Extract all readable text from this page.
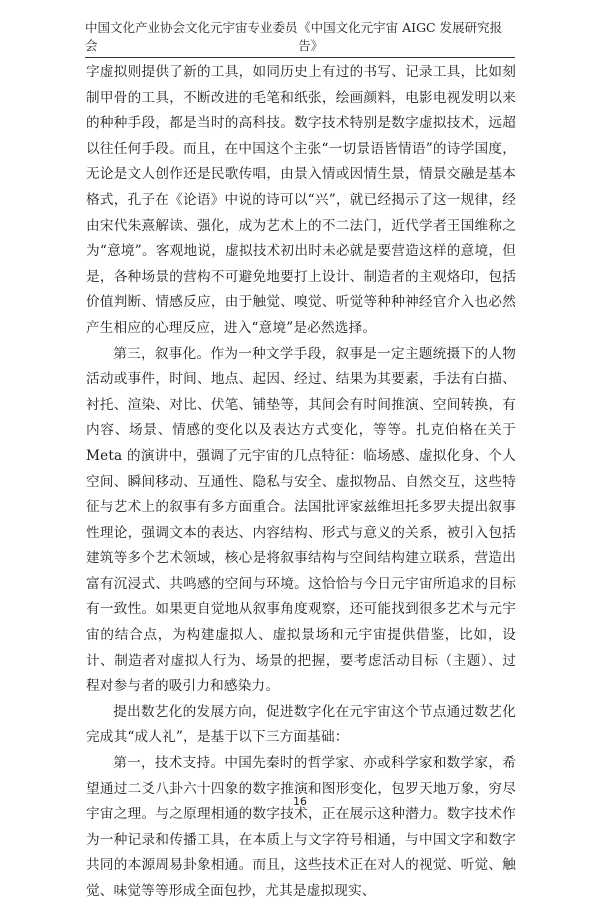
中国文化产业协会文化元宇宙专业委员会
《中国文化元宇宙 AIGC 发展研究报告》

字虚拟则提供了新的工具，如同历史上有过的书写、记录工具，比如刻制甲骨的工具，不断改进的毛笔和纸张，绘画颜料，电影电视发明以来的种种手段，都是当时的高科技。数字技术特别是数字虚拟技术，远超以往任何手段。而且，在中国这个主张“一切景语皆情语”的诗学国度，无论是文人创作还是民歌传唱，由景入情或因情生景，情景交融是基本格式，孔子在《论语》中说的诗可以“兴”，就已经揭示了这一规律，经由宋代朱熹解读、强化，成为艺术上的不二法门，近代学者王国维称之为“意境”。客观地说，虚拟技术初出时未必就是要营造这样的意境，但是，各种场景的营构不可避免地要打上设计、制造者的主观烙印，包括价值判断、情感反应，由于触觉、嗅觉、听觉等种种神经官介入也必然产生相应的心理反应，进入“意境”是必然选择。

第三，叙事化。作为一种文学手段，叙事是一定主题统摄下的人物活动或事件，时间、地点、起因、经过、结果为其要素，手法有白描、衬托、渲染、对比、伏笔、铺垫等，其间会有时间推演、空间转换，有内容、场景、情感的变化以及表达方式变化，等等。扎克伯格在关于 Meta 的演讲中，强调了元宇宙的几点特征：临场感、虚拟化身、个人空间、瞬间移动、互通性、隐私与安全、虚拟物品、自然交互，这些特征与艺术上的叙事有多方面重合。法国批评家兹维坦托多罗夫提出叙事性理论，强调文本的表达、内容结构、形式与意义的关系，被引入包括建筑等多个艺术领域，核心是将叙事结构与空间结构建立联系，营造出富有沉浸式、共鸣感的空间与环境。这恰恰与今日元宇宙所追求的目标有一致性。如果更自觉地从叙事角度观察，还可能找到很多艺术与元宇宙的结合点，为构建虚拟人、虚拟景场和元宇宙提供借鉴，比如，设计、制造者对虚拟人行为、场景的把握，要考虑活动目标（主题）、过程对参与者的吸引力和感染力。

提出数艺化的发展方向，促进数字化在元宇宙这个节点通过数艺化完成其“成人礼”，是基于以下三方面基础：

第一，技术支持。中国先秦时的哲学家、亦或科学家和数学家，希望通过二爻八卦六十四象的数字推演和图形变化，包罗天地万象，穷尽宇宙之理。与之原理相通的数字技术，正在展示这种潜力。数字技术作为一种记录和传播工具，在本质上与文字符号相通，与中国文字和数字共同的本源周易卦象相通。而且，这些技术正在对人的视觉、听觉、触觉、味觉等等形成全面包抄，尤其是虚拟现实、

16
